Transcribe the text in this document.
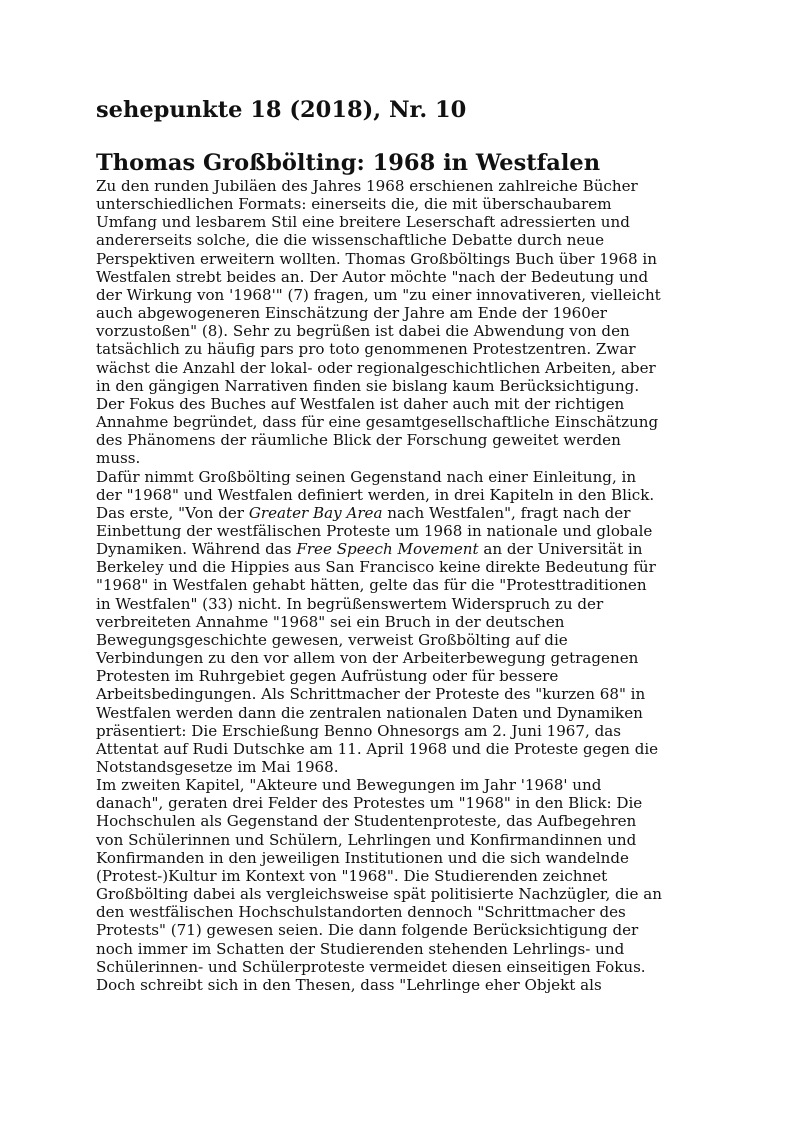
sehepunkte 18 (2018), Nr. 10
Thomas Großbölting: 1968 in Westfalen

Zu den runden Jubiläen des Jahres 1968 erschienen zahlreiche Bücher
unterschiedlichen Formats: einerseits die, die mit überschaubarem
Umfang und lesbarem Stil eine breitere Leserschaft adressierten und
andererseits solche, die die wissenschaftliche Debatte durch neue
Perspektiven erweitern wollten. Thomas Großböltings Buch über 1968 in
Westfalen strebt beides an. Der Autor möchte "nach der Bedeutung und
der Wirkung von '1968'" (7) fragen, um "zu einer innovativeren, vielleicht
auch abgewogeneren Einschätzung der Jahre am Ende der 1960er
vorzustoßen" (8). Sehr zu begrüßen ist dabei die Abwendung von den
tatsächlich zu häufig pars pro toto genommenen Protestzentren. Zwar
wächst die Anzahl der lokal- oder regionalgeschichtlichen Arbeiten, aber
in den gängigen Narrativen finden sie bislang kaum Berücksichtigung.
Der Fokus des Buches auf Westfalen ist daher auch mit der richtigen
Annahme begründet, dass für eine gesamtgesellschaftliche Einschätzung
des Phänomens der räumliche Blick der Forschung geweitet werden
muss.

Dafür nimmt Großbölting seinen Gegenstand nach einer Einleitung, in
der "1968" und Westfalen definiert werden, in drei Kapiteln in den Blick.
Das erste, "Von der Greater Bay Area nach Westfalen", fragt nach der
Einbettung der westfälischen Proteste um 1968 in nationale und globale
Dynamiken. Während das Free Speech Movement an der Universität in
Berkeley und die Hippies aus San Francisco keine direkte Bedeutung für
"1968" in Westfalen gehabt hätten, gelte das für die "Protesttraditionen
in Westfalen" (33) nicht. In begrüßenswertem Widerspruch zu der
verbreiteten Annahme "1968" sei ein Bruch in der deutschen
Bewegungsgeschichte gewesen, verweist Großbölting auf die
Verbindungen zu den vor allem von der Arbeiterbewegung getragenen
Protesten im Ruhrgebiet gegen Aufrüstung oder für bessere
Arbeitsbedingungen. Als Schrittmacher der Proteste des "kurzen 68" in
Westfalen werden dann die zentralen nationalen Daten und Dynamiken
präsentiert: Die Erschießung Benno Ohnesorgs am 2. Juni 1967, das
Attentat auf Rudi Dutschke am 11. April 1968 und die Proteste gegen die
Notstandsgesetze im Mai 1968.

Im zweiten Kapitel, "Akteure und Bewegungen im Jahr '1968' und
danach", geraten drei Felder des Protestes um "1968" in den Blick: Die
Hochschulen als Gegenstand der Studentenproteste, das Aufbegehren
von Schülerinnen und Schülern, Lehrlingen und Konfirmandinnen und
Konfirmanden in den jeweiligen Institutionen und die sich wandelnde
(Protest-)Kultur im Kontext von "1968". Die Studierenden zeichnet
Großbölting dabei als vergleichsweise spät politisierte Nachzügler, die an
den westfälischen Hochschulstandorten dennoch "Schrittmacher des
Protests" (71) gewesen seien. Die dann folgende Berücksichtigung der
noch immer im Schatten der Studierenden stehenden Lehrlings- und
Schülerinnen- und Schülerproteste vermeidet diesen einseitigen Fokus.
Doch schreibt sich in den Thesen, dass "Lehrlinge eher Objekt als
